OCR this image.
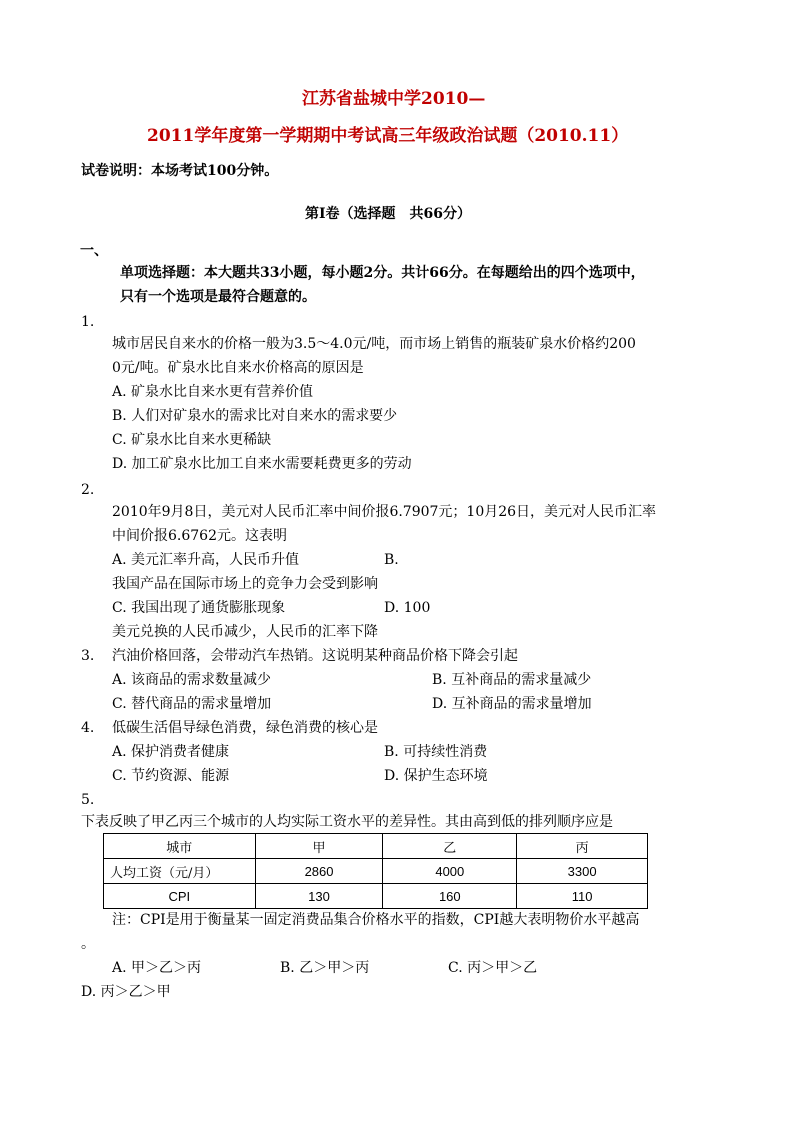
江苏省盐城中学2010—
2011学年度第一学期期中考试高三年级政治试题（2010.11）
试卷说明：本场考试100分钟。
第Ⅰ卷（选择题　共66分）
一、
单项选择题：本大题共33小题，每小题2分。共计66分。在每题给出的四个选项中，
只有一个选项是最符合题意的。
1.
城市居民自来水的价格一般为3.5～4.0元/吨，而市场上销售的瓶装矿泉水价格约200
0元/吨。矿泉水比自来水价格高的原因是
A. 矿泉水比自来水更有营养价值
B. 人们对矿泉水的需求比对自来水的需求要少
C. 矿泉水比自来水更稀缺
D. 加工矿泉水比加工自来水需要耗费更多的劳动
2.
2010年9月8日，美元对人民币汇率中间价报6.7907元；10月26日，美元对人民币汇率
中间价报6.6762元。这表明
A. 美元汇率升高，人民币升值	B.
我国产品在国际市场上的竞争力会受到影响
C. 我国出现了通货膨胀现象	D. 100
美元兑换的人民币减少，人民币的汇率下降
3. 汽油价格回落，会带动汽车热销。这说明某种商品价格下降会引起
A. 该商品的需求数量减少	B. 互补商品的需求量减少
C. 替代商品的需求量增加	D. 互补商品的需求量增加
4. 低碳生活倡导绿色消费，绿色消费的核心是
A. 保护消费者健康	B. 可持续性消费
C. 节约资源、能源	D. 保护生态环境
5.
下表反映了甲乙丙三个城市的人均实际工资水平的差异性。其由高到低的排列顺序应是
城市	甲	乙	丙
人均工资（元/月）	2860	4000	3300
CPI	130	160	110
注：CPI是用于衡量某一固定消费品集合价格水平的指数，CPI越大表明物价水平越高
。
A. 甲＞乙＞丙	B. 乙＞甲＞丙	C. 丙＞甲＞乙
D. 丙＞乙＞甲
